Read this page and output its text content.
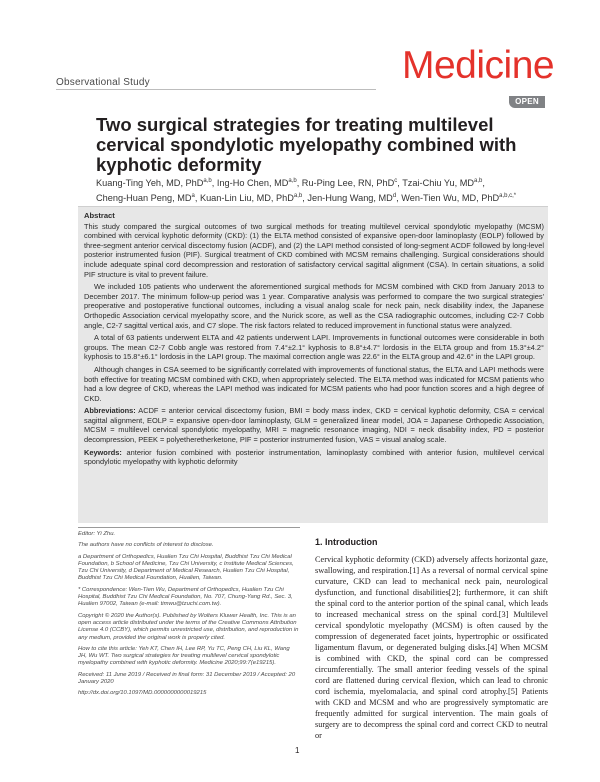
Observational Study	Medicine
OPEN
Two surgical strategies for treating multilevel cervical spondylotic myelopathy combined with kyphotic deformity
Kuang-Ting Yeh, MD, PhD$^{a,b}$, Ing-Ho Chen, MD$^{a,b}$, Ru-Ping Lee, RN, PhD$^c$, Tzai-Chiu Yu, MD$^{a,b}$,
Cheng-Huan Peng, $MD^a$, Kuan-Lin Liu, MD, PhD$^{a,b}$, Jen-Hung Wang, $MD^d$, Wen-Tien Wu, MD, PhD$^{a,b,c,*}$
Abstract

This study compared the surgical outcomes of two surgical methods for treating multilevel cervical spondylotic myelopathy (MCSM) combined with cervical kyphotic deformity (CKD): (1) the ELTA method consisted of expansive open-door laminoplasty (EOLP) followed by three-segment anterior cervical discectomy fusion (ACDF), and (2) the LAPI method consisted of long-segment ACDF followed by long-level posterior instrumented fusion (PIF). Surgical treatment of CKD combined with MCSM remains challenging. Surgical considerations should include adequate spinal cord decompression and restoration of satisfactory cervical sagittal alignment (CSA). In certain situations, a solid PIF structure is vital to prevent failure.

We included 105 patients who underwent the aforementioned surgical methods for MCSM combined with CKD from January 2013 to December 2017. The minimum follow-up period was 1 year. Comparative analysis was performed to compare the two surgical strategies' preoperative and postoperative functional outcomes, including a visual analog scale for neck pain, neck disability index, the Japanese Orthopedic Association cervical myelopathy score, and the Nurick score, as well as the CSA radiographic outcomes, including C2-7 Cobb angle, C2-7 sagittal vertical axis, and C7 slope. The risk factors related to reduced improvement in functional status were analyzed.

A total of 63 patients underwent ELTA and 42 patients underwent LAPI. Improvements in functional outcomes were considerable in both groups. The mean C2-7 Cobb angle was restored from 7.4°±2.1° kyphosis to 8.8°±4.7° lordosis in the ELTA group and from 15.3°±4.2° kyphosis to 15.8°±6.1° lordosis in the LAPI group. The maximal correction angle was 22.6° in the ELTA group and 42.6° in the LAPI group.

Although changes in CSA seemed to be significantly correlated with improvements of functional status, the ELTA and LAPI methods were both effective for treating MCSM combined with CKD, when appropriately selected. The ELTA method was indicated for MCSM patients who had a low degree of CKD, whereas the LAPI method was indicated for MCSM patients who had poor function scores and a high degree of CKD.

Abbreviations: ACDF = anterior cervical discectomy fusion, BMI = body mass index, CKD = cervical kyphotic deformity, CSA = cervical sagittal alignment, EOLP = expansive open-door laminoplasty, GLM = generalized linear model, JOA = Japanese Orthopedic Association, MCSM = multilevel cervical spondylotic myelopathy, MRI = magnetic resonance imaging, NDI = neck disability index, PD = posterior decompression, PEEK = polyetheretherketone, PIF = posterior instrumented fusion, VAS = visual analog scale.

Keywords: anterior fusion combined with posterior instrumentation, laminoplasty combined with anterior fusion, multilevel cervical spondylotic myelopathy with kyphotic deformity

Editor: Yi Zhu.

The authors have no conflicts of interest to disclose.

a Department of Orthopedics, Hualien Tzu Chi Hospital, Buddhist Tzu Chi Medical Foundation, b School of Medicine, Tzu Chi University, c Institute Medical Sciences, Tzu Chi University, d Department of Medical Research, Hualien Tzu Chi Hospital, Buddhist Tzu Chi Medical Foundation, Hualien, Taiwan.

* Correspondence: Wen-Tien Wu, Department of Orthopedics, Hualien Tzu Chi Hospital, Buddhist Tzu Chi Medical Foundation, No. 707, Chung-Yang Rd., Sec. 3, Hualien 97002, Taiwan (e-mail: timwu@tzuchi.com.tw).

Copyright © 2020 the Author(s). Published by Wolters Kluwer Health, Inc. This is an open access article distributed under the terms of the Creative Commons Attribution License 4.0 (CCBY), which permits unrestricted use, distribution, and reproduction in any medium, provided the original work is properly cited.

How to cite this article: Yeh KT, Chen IH, Lee RP, Yu TC, Peng CH, Liu KL, Wang JH, Wu WT. Two surgical strategies for treating multilevel cervical spondylotic myelopathy combined with kyphotic deformity. Medicine 2020;99:7(e19215).

Received: 11 June 2019 / Received in final form: 31 December 2019 / Accepted: 20 January 2020

http://dx.doi.org/10.1097/MD.0000000000019215

1. Introduction

Cervical kyphotic deformity (CKD) adversely affects horizontal gaze, swallowing, and respiration.[1] As a reversal of normal cervical spine curvature, CKD can lead to mechanical neck pain, neurological dysfunction, and functional disabilities[2]; furthermore, it can shift the spinal cord to the anterior portion of the spinal canal, which leads to increased mechanical stress on the spinal cord.[3] Multilevel cervical spondylotic myelopathy (MCSM) is often caused by the compression of degenerated facet joints, hypertrophic or ossificated ligamentum flavum, or degenerated bulging disks.[4] When MCSM is combined with CKD, the spinal cord can be compressed circumferentially. The small anterior feeding vessels of the spinal cord are flattened during cervical flexion, which can lead to chronic cord ischemia, myelomalacia, and spinal cord atrophy.[5] Patients with CKD and MCSM and who are progressively symptomatic are frequently admitted for surgical intervention. The main goals of surgery are to decompress the spinal cord and correct CKD to neutral or

1
